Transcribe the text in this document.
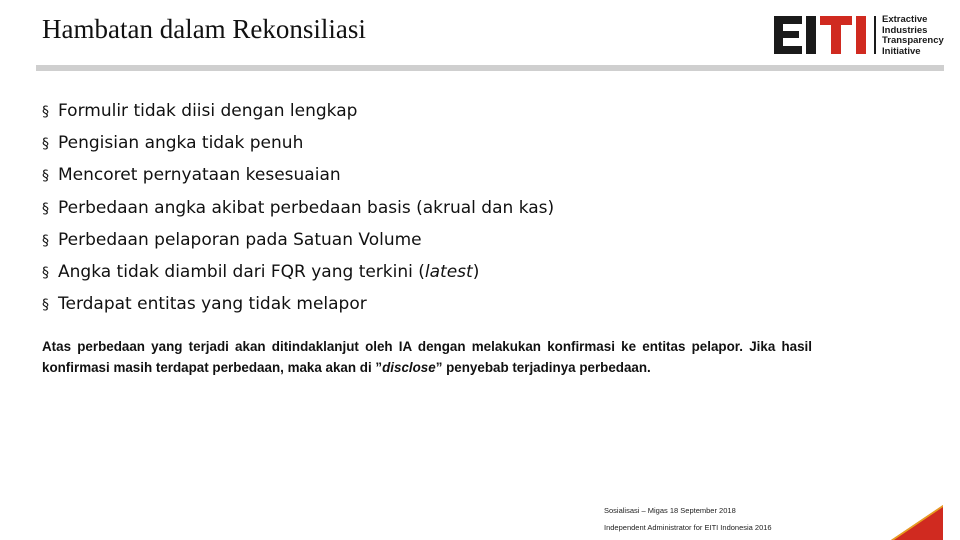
Hambatan dalam Rekonsiliasi	Extractive
Industries
Transparency
Initiative
§ Formulir tidak diisi dengan lengkap
§ Pengisian angka tidak penuh
§ Mencoret pernyataan kesesuaian
§ Perbedaan angka akibat perbedaan basis (akrual dan kas)
§ Perbedaan pelaporan pada Satuan Volume
§ Angka tidak diambil dari FQR yang terkini (latest)
§ Terdapat entitas yang tidak melapor

Atas perbedaan yang terjadi akan ditindaklanjut oleh IA dengan melakukan konfirmasi ke entitas pelapor. Jika hasil konfirmasi masih terdapat perbedaan, maka akan di ”disclose” penyebab terjadinya perbedaan.

Sosialisasi – Migas 18 September 2018
Independent Administrator for EITI Indonesia 2016
6
